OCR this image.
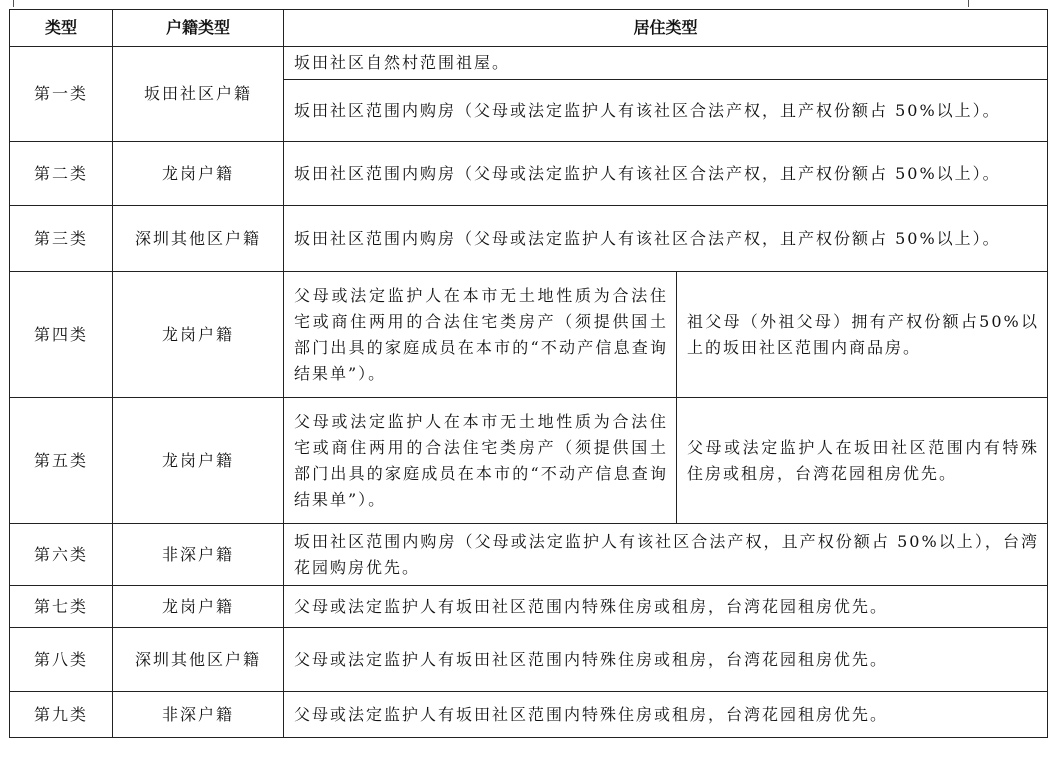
类型	户籍类型	居住类型	
第一类	坂田社区户籍	坂田社区自然村范围祖屋。	
		坂田社区范围内购房（父母或法定监护人有该社区合法产权，且产权份额占 50%以上）。	
第二类	龙岗户籍	坂田社区范围内购房（父母或法定监护人有该社区合法产权，且产权份额占 50%以上）。	
第三类	深圳其他区户籍	坂田社区范围内购房（父母或法定监护人有该社区合法产权，且产权份额占 50%以上）。	
第四类	龙岗户籍	父母或法定监护人在本市无土地性质为合法住宅或商住两用的合法住宅类房产（须提供国土部门出具的家庭成员在本市的“不动产信息查询结果单”）。	祖父母（外祖父母）拥有产权份额占50%以上的坂田社区范围内商品房。
第五类	龙岗户籍	父母或法定监护人在本市无土地性质为合法住宅或商住两用的合法住宅类房产（须提供国土部门出具的家庭成员在本市的“不动产信息查询结果单”）。	父母或法定监护人在坂田社区范围内有特殊住房或租房，台湾花园租房优先。
第六类	非深户籍	坂田社区范围内购房（父母或法定监护人有该社区合法产权，且产权份额占 50%以上），台湾花园购房优先。	
第七类	龙岗户籍	父母或法定监护人有坂田社区范围内特殊住房或租房，台湾花园租房优先。	
第八类	深圳其他区户籍	父母或法定监护人有坂田社区范围内特殊住房或租房，台湾花园租房优先。	
第九类	非深户籍	父母或法定监护人有坂田社区范围内特殊住房或租房，台湾花园租房优先。	
